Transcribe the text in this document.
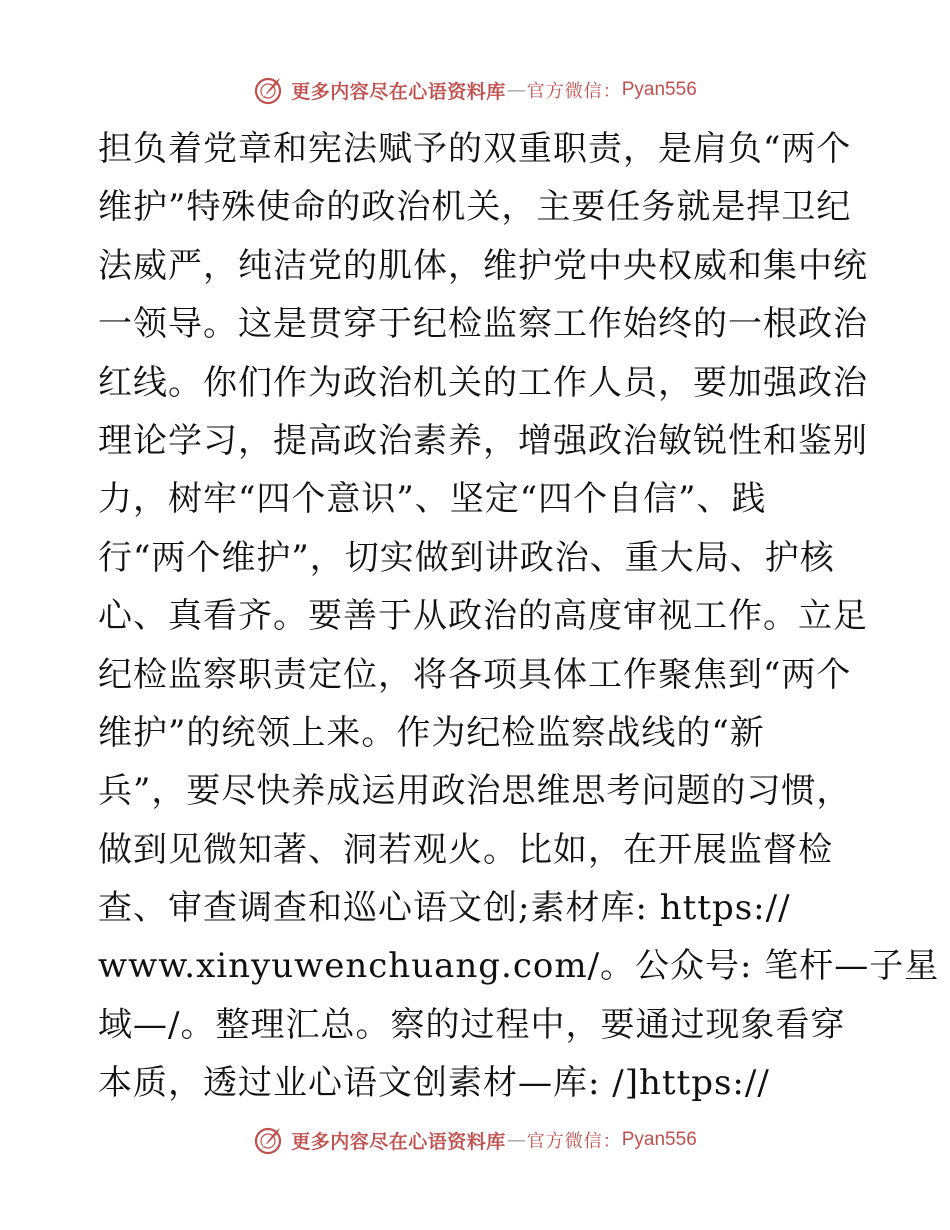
更多内容尽在心语资料库 — 官方微信： Pyan556
担负着党章和宪法赋予的双重职责，是肩负“两个
维护”特殊使命的政治机关，主要任务就是捍卫纪
法威严，纯洁党的肌体，维护党中央权威和集中统
一领导。这是贯穿于纪检监察工作始终的一根政治
红线。你们作为政治机关的工作人员，要加强政治
理论学习，提高政治素养，增强政治敏锐性和鉴别
力，树牢“四个意识”、坚定“四个自信”、践
行“两个维护”，切实做到讲政治、重大局、护核
心、真看齐。要善于从政治的高度审视工作。立足
纪检监察职责定位，将各项具体工作聚焦到“两个
维护”的统领上来。作为纪检监察战线的“新
兵”，要尽快养成运用政治思维思考问题的习惯，
做到见微知著、洞若观火。比如，在开展监督检
查、审查调查和巡心语文创;素材库: https://
www.xinyuwenchuang.com/。公众号: 笔杆—子星
域—/。整理汇总。察的过程中，要通过现象看穿
本质，透过业心语文创素材—库: /]https://
更多内容尽在心语资料库 — 官方微信： Pyan556
